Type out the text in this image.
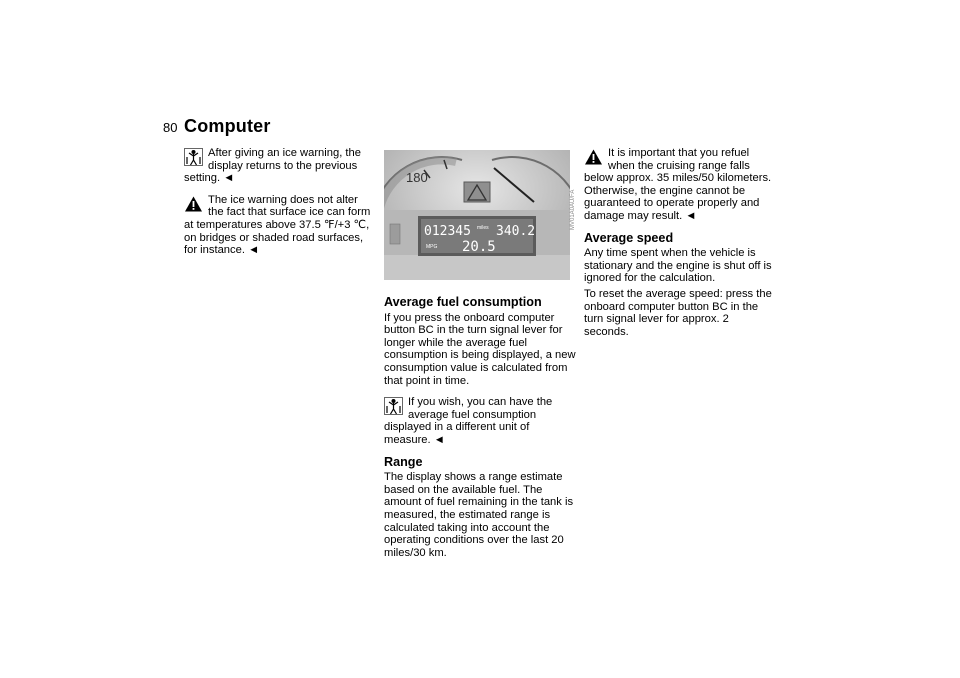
80 Computer
After giving an ice warning, the display returns to the previous setting. ◄
The ice warning does not alter the fact that surface ice can form at temperatures above 37.5 ℉/+3 ℃, on bridges or shaded road surfaces, for instance. ◄
180
012345 miles 340.2
MPG 20.5
MV01A0AU/FA
Average fuel consumption

If you press the onboard computer button BC in the turn signal lever for longer while the average fuel consumption is being displayed, a new consumption value is calculated from that point in time.

If you wish, you can have the average fuel consumption displayed in a different unit of measure. ◄
Range

The display shows a range estimate based on the available fuel. The amount of fuel remaining in the tank is measured, the estimated range is calculated taking into account the operating conditions over the last 20 miles/30 km.

It is important that you refuel when the cruising range falls below approx. 35 miles/50 kilometers. Otherwise, the engine cannot be guaranteed to operate properly and damage may result. ◄
Average speed

Any time spent when the vehicle is stationary and the engine is shut off is ignored for the calculation.

To reset the average speed: press the onboard computer button BC in the turn signal lever for approx. 2 seconds.
